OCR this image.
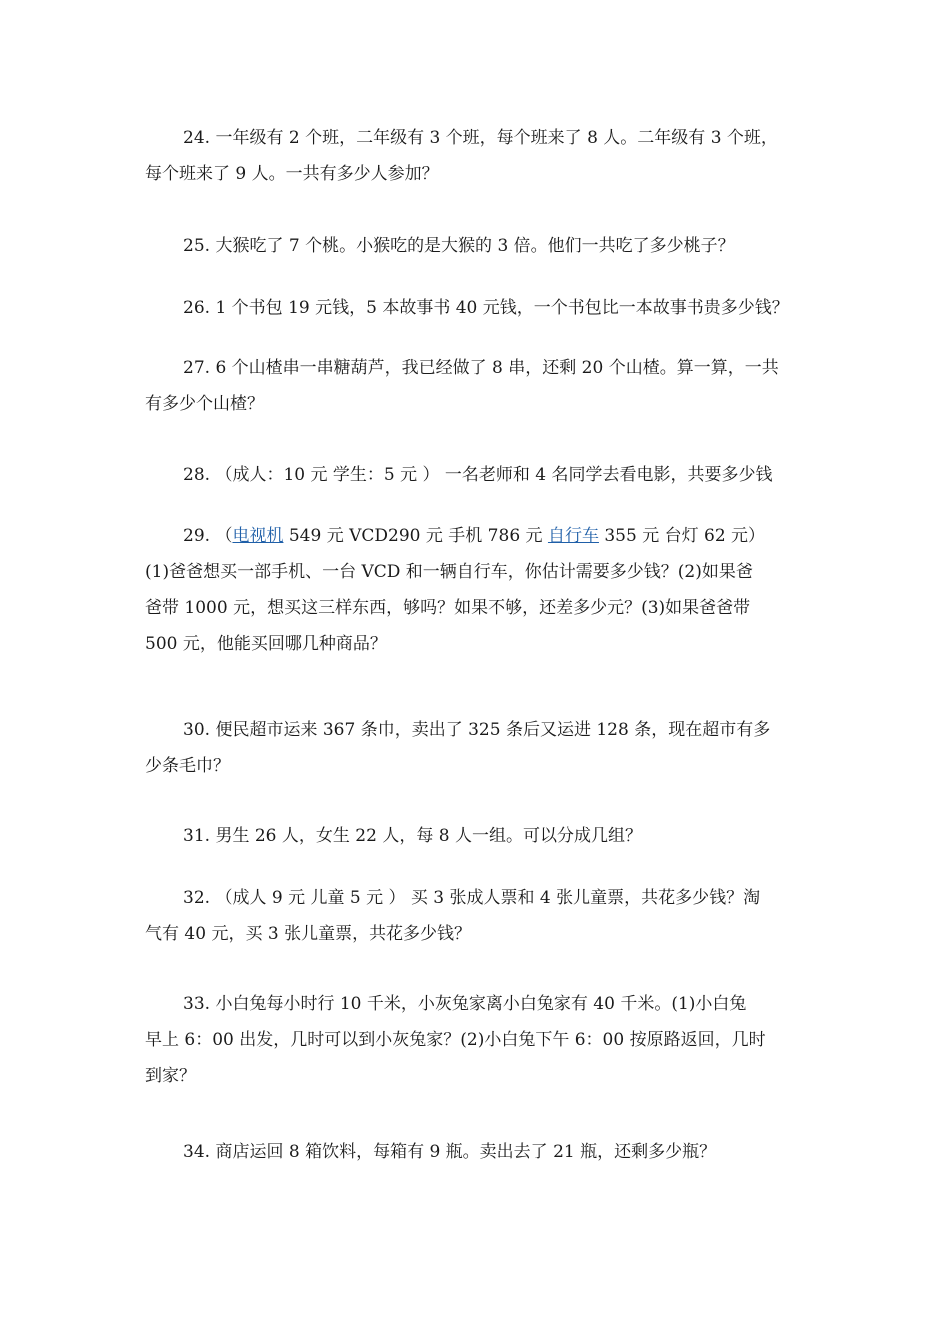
24. 一年级有 2 个班，二年级有 3 个班，每个班来了 8 人。二年级有 3 个班，
每个班来了 9 人。一共有多少人参加？
25. 大猴吃了 7 个桃。小猴吃的是大猴的 3 倍。他们一共吃了多少桃子？
26. 1 个书包 19 元钱，5 本故事书 40 元钱，一个书包比一本故事书贵多少钱？
27. 6 个山楂串一串糖葫芦，我已经做了 8 串，还剩 20 个山楂。算一算，一共
有多少个山楂？
28. （成人：10 元 学生：5 元 ） 一名老师和 4 名同学去看电影，共要多少钱
29. （电视机 549 元 VCD290 元 手机 786 元 自行车 355 元 台灯 62 元）
(1)爸爸想买一部手机、一台 VCD 和一辆自行车，你估计需要多少钱？(2)如果爸
爸带 1000 元，想买这三样东西，够吗？如果不够，还差多少元？(3)如果爸爸带
500 元，他能买回哪几种商品？
30. 便民超市运来 367 条巾，卖出了 325 条后又运进 128 条，现在超市有多
少条毛巾？
31. 男生 26 人，女生 22 人，每 8 人一组。可以分成几组？
32. （成人 9 元 儿童 5 元 ） 买 3 张成人票和 4 张儿童票，共花多少钱？淘
气有 40 元，买 3 张儿童票，共花多少钱？
33. 小白兔每小时行 10 千米，小灰兔家离小白兔家有 40 千米。(1)小白兔
早上 6：00 出发，几时可以到小灰兔家？(2)小白兔下午 6：00 按原路返回，几时
到家？
34. 商店运回 8 箱饮料，每箱有 9 瓶。卖出去了 21 瓶，还剩多少瓶？
